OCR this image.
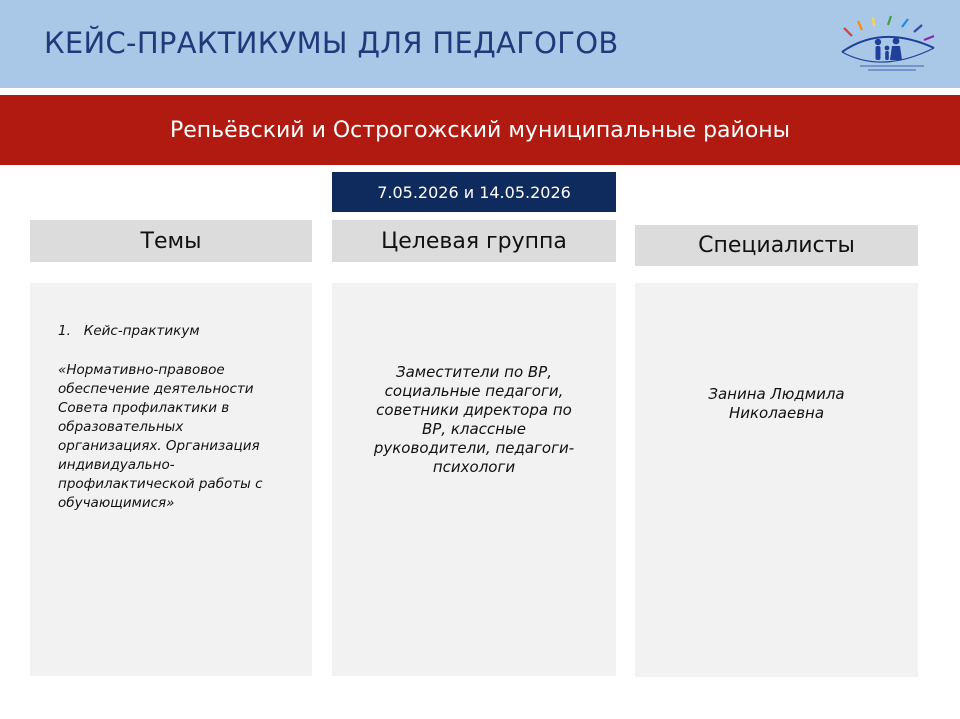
КЕЙС-ПРАКТИКУМЫ ДЛЯ ПЕДАГОГОВ
Репьёвский и Острогожский муниципальные районы
7.05.2026 и 14.05.2026
Темы	Целевая группа	Специалисты
1. Кейс-практикум
«Нормативно-правовое обеспечение деятельности Совета профилактики в образовательных организациях. Организация индивидуально-профилактической работы с обучающимися»
Заместители по ВР, социальные педагоги, советники директора по ВР, классные руководители, педагоги-психологи
Занина Людмила Николаевна
